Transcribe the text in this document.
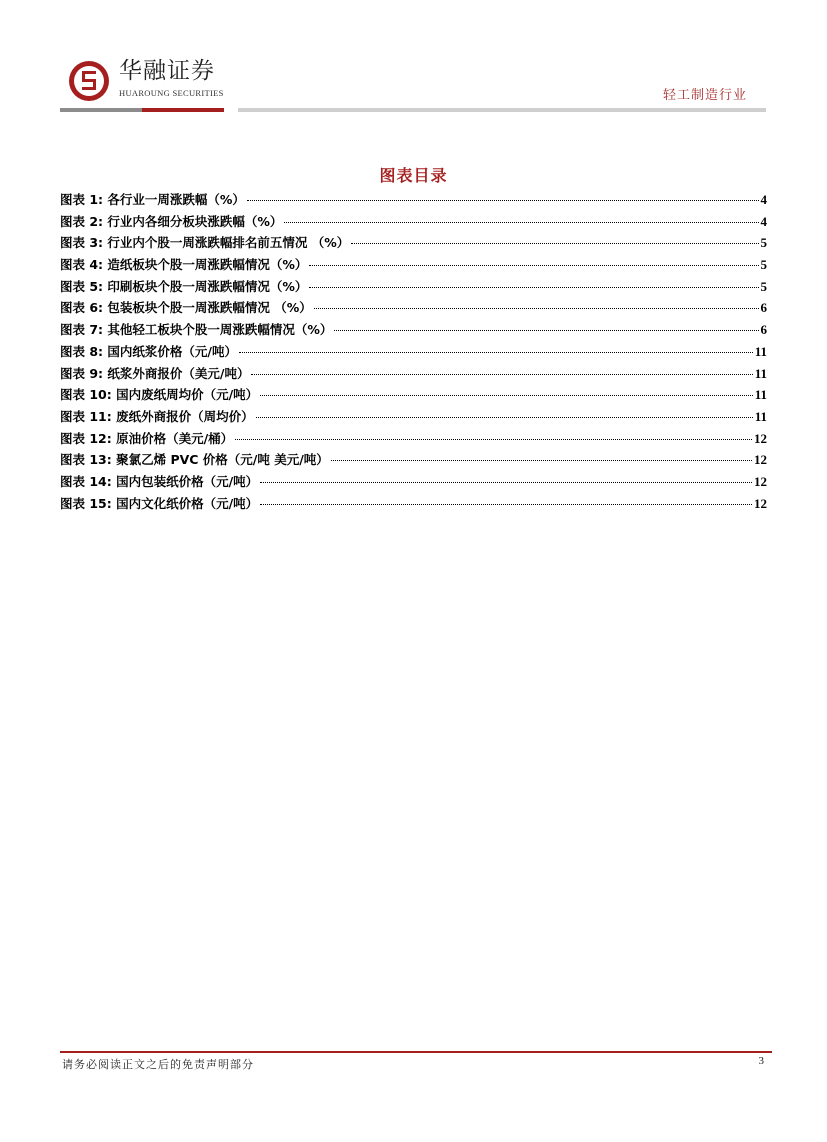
华融证券
HUAROUNG SECURITIES	轻工制造行业
图表目录
图表 1: 各行业一周涨跌幅（%）	4
图表 2: 行业内各细分板块涨跌幅（%）	4
图表 3: 行业内个股一周涨跌幅排名前五情况 （%）	5
图表 4: 造纸板块个股一周涨跌幅情况（%）	5
图表 5: 印刷板块个股一周涨跌幅情况（%）	5
图表 6: 包装板块个股一周涨跌幅情况 （%）	6
图表 7: 其他轻工板块个股一周涨跌幅情况（%）	6
图表 8: 国内纸浆价格（元/吨）	11
图表 9: 纸浆外商报价（美元/吨）	11
图表 10: 国内废纸周均价（元/吨）	11
图表 11: 废纸外商报价（周均价）	11
图表 12: 原油价格（美元/桶）	12
图表 13: 聚氯乙烯 PVC 价格（元/吨 美元/吨）	12
图表 14: 国内包装纸价格（元/吨）	12
图表 15: 国内文化纸价格（元/吨）	12
请务必阅读正文之后的免责声明部分	3
